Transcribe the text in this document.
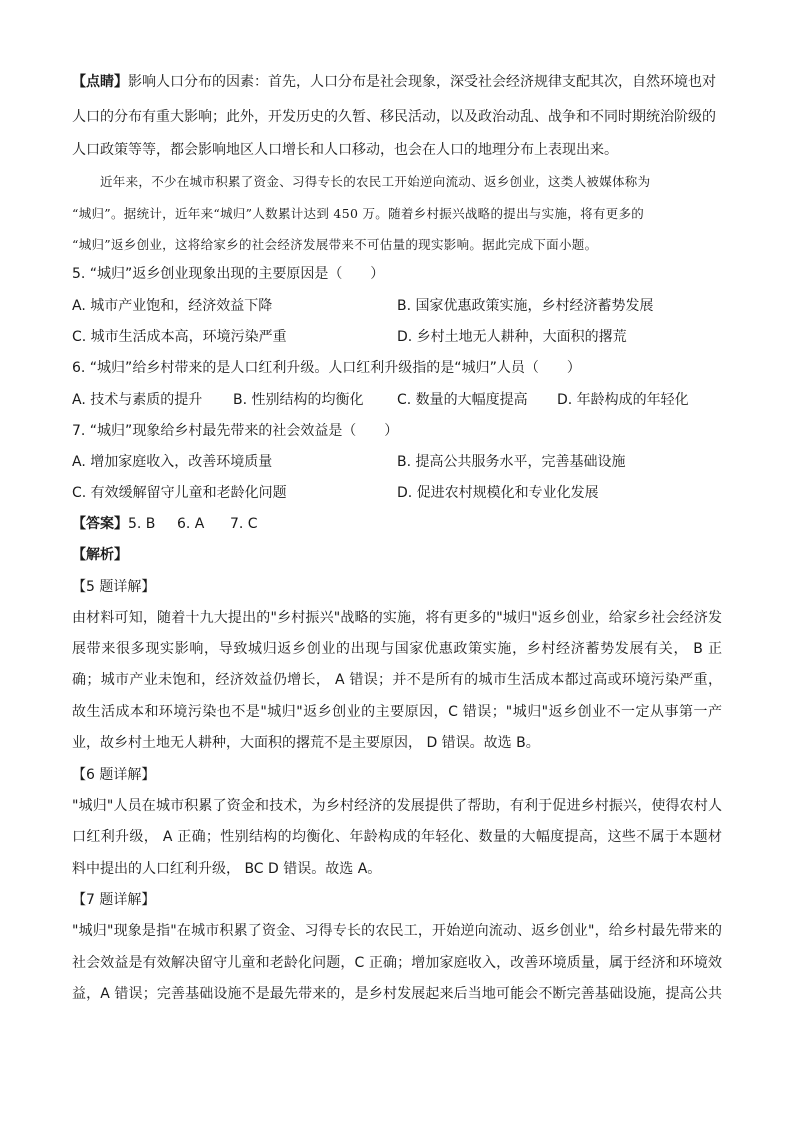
【点睛】影响人口分布的因素：首先，人口分布是社会现象，深受社会经济规律支配其次，自然环境也对
人口的分布有重大影响；此外，开发历史的久暂、移民活动，以及政治动乱、战争和不同时期统治阶级的
人口政策等等，都会影响地区人口增长和人口移动，也会在人口的地理分布上表现出来。
近年来，不少在城市积累了资金、习得专长的农民工开始逆向流动、返乡创业，这类人被媒体称为
“城归”。据统计，近年来“城归”人数累计达到 450 万。随着乡村振兴战略的提出与实施，将有更多的
“城归”返乡创业，这将给家乡的社会经济发展带来不可估量的现实影响。据此完成下面小题。
5. “城归”返乡创业现象出现的主要原因是（　　）
A. 城市产业饱和，经济效益下降	B. 国家优惠政策实施，乡村经济蓄势发展
C. 城市生活成本高，环境污染严重	D. 乡村土地无人耕种，大面积的撂荒
6. “城归”给乡村带来的是人口红利升级。人口红利升级指的是“城归”人员（　　）
A. 技术与素质的提升 B. 性别结构的均衡化 C. 数量的大幅度提高 D. 年龄构成的年轻化
7. “城归”现象给乡村最先带来的社会效益是（　　）
A. 增加家庭收入，改善环境质量	B. 提高公共服务水平，完善基础设施
C. 有效缓解留守儿童和老龄化问题	D. 促进农村规模化和专业化发展
【答案】 5. B 6. A 7. C
【解析】
【5 题详解】
由材料可知，随着十九大提出的"乡村振兴"战略的实施，将有更多的"城归"返乡创业，给家乡社会经济发
展带来很多现实影响，导致城归返乡创业的出现与国家优惠政策实施，乡村经济蓄势发展有关， B 正
确；城市产业未饱和，经济效益仍增长， A 错误；并不是所有的城市生活成本都过高或环境污染严重，
故生活成本和环境污染也不是"城归"返乡创业的主要原因，C 错误；"城归"返乡创业不一定从事第一产
业，故乡村土地无人耕种，大面积的撂荒不是主要原因， D 错误。故选 B。
【6 题详解】
"城归"人员在城市积累了资金和技术，为乡村经济的发展提供了帮助，有利于促进乡村振兴，使得农村人
口红利升级， A 正确；性别结构的均衡化、年龄构成的年轻化、数量的大幅度提高，这些不属于本题材
料中提出的人口红利升级， BC D 错误。故选 A。
【7 题详解】
"城归"现象是指"在城市积累了资金、习得专长的农民工，开始逆向流动、返乡创业"，给乡村最先带来的
社会效益是有效解决留守儿童和老龄化问题，C 正确；增加家庭收入，改善环境质量，属于经济和环境效
益，A 错误；完善基础设施不是最先带来的，是乡村发展起来后当地可能会不断完善基础设施，提高公共
